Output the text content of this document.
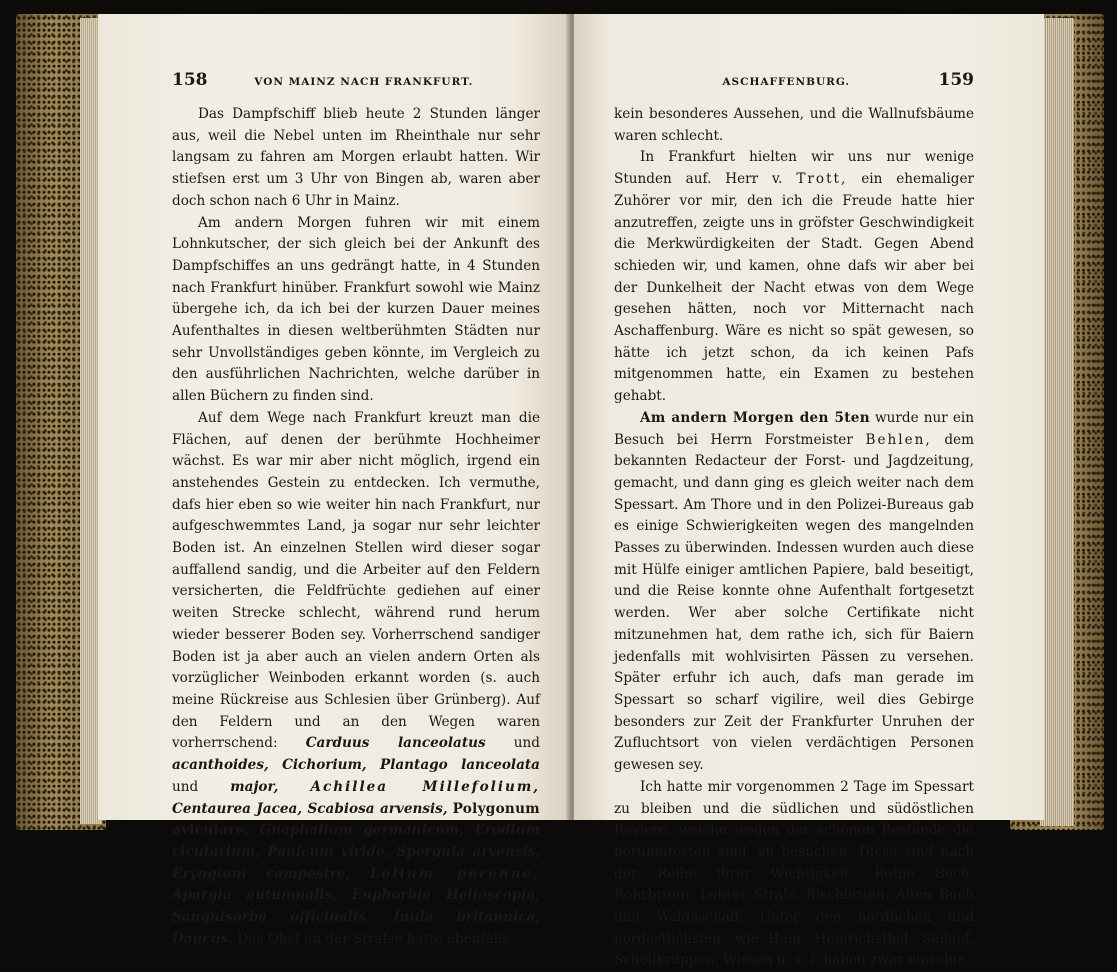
158	VON MAINZ NACH FRANKFURT.

Das Dampfschiff blieb heute 2 Stunden länger aus, weil die Nebel unten im Rheinthale nur sehr langsam zu fahren am Morgen erlaubt hatten. Wir stiefsen erst um 3 Uhr von Bingen ab, waren aber doch schon nach 6 Uhr in Mainz.

Am andern Morgen fuhren wir mit einem Lohnkutscher, der sich gleich bei der Ankunft des Dampfschiffes an uns gedrängt hatte, in 4 Stunden nach Frankfurt hinüber. Frankfurt sowohl wie Mainz übergehe ich, da ich bei der kurzen Dauer meines Aufenthaltes in diesen weltberühmten Städten nur sehr Unvollständiges geben könnte, im Vergleich zu den ausführlichen Nachrichten, welche darüber in allen Büchern zu finden sind.

Auf dem Wege nach Frankfurt kreuzt man die Flächen, auf denen der berühmte Hochheimer wächst. Es war mir aber nicht möglich, irgend ein anstehendes Gestein zu entdecken. Ich vermuthe, dafs hier eben so wie weiter hin nach Frankfurt, nur aufgeschwemmtes Land, ja sogar nur sehr leichter Boden ist. An einzelnen Stellen wird dieser sogar auffallend sandig, und die Arbeiter auf den Feldern versicherten, die Feldfrüchte gediehen auf einer weiten Strecke schlecht, während rund herum wieder besserer Boden sey. Vorherrschend sandiger Boden ist ja aber auch an vielen andern Orten als vorzüglicher Weinboden erkannt worden (s. auch meine Rückreise aus Schlesien über Grünberg). Auf den Feldern und an den Wegen waren vorherrschend: Carduus lanceolatus und acanthoides, Cichorium, Plantago lanceolata und major, Achillea Millefolium, Centaurea Jacea, Scabiosa arvensis, Polygonum aviculare, Gnaphalium germanicum, Erodium cicutarium, Panicum viride, Spergula arvensis, Eryngium campestre, Lolium perenne, Apargia autumnalis, Euphorbia Helioscopia, Sanguisorba officinalis, Inula britannica, Daucus. Das Obst an der Strafse hatte ebenfalls

ASCHAFFENBURG.	159

kein besonderes Aussehen, und die Wallnufsbäume waren schlecht.

In Frankfurt hielten wir uns nur wenige Stunden auf. Herr v. Trott, ein ehemaliger Zuhörer vor mir, den ich die Freude hatte hier anzutreffen, zeigte uns in gröfster Geschwindigkeit die Merkwürdigkeiten der Stadt. Gegen Abend schieden wir, und kamen, ohne dafs wir aber bei der Dunkelheit der Nacht etwas von dem Wege gesehen hätten, noch vor Mitternacht nach Aschaffenburg. Wäre es nicht so spät gewesen, so hätte ich jetzt schon, da ich keinen Pafs mitgenommen hatte, ein Examen zu bestehen gehabt.

Am andern Morgen den 5ten wurde nur ein Besuch bei Herrn Forstmeister Behlen, dem bekannten Redacteur der Forst- und Jagdzeitung, gemacht, und dann ging es gleich weiter nach dem Spessart. Am Thore und in den Polizei-Bureaus gab es einige Schwierigkeiten wegen des mangelnden Passes zu überwinden. Indessen wurden auch diese mit Hülfe einiger amtlichen Papiere, bald beseitigt, und die Reise konnte ohne Aufenthalt fortgesetzt werden. Wer aber solche Certifikate nicht mitzunehmen hat, dem rathe ich, sich für Baiern jedenfalls mit wohlvisirten Pässen zu versehen. Später erfuhr ich auch, dafs man gerade im Spessart so scharf vigilire, weil dies Gebirge besonders zur Zeit der Frankfurter Unruhen der Zufluchtsort von vielen verdächtigen Personen gewesen sey.

Ich hatte mir vorgenommen 2 Tage im Spessart zu bleiben und die südlichen und südöstlichen Reviere, welche wegen der schönen Bestände die berühmtesten sind, zu besuchen. Diese sind nach der Reihe ihrer Wichtigkeit: Rothe Buch, Rohrbrunn, Lohrer Strafs, Bischbrunn, Alten Buch und Waldaschaff. Unter den nördlichen und nordöstlichsten, wie Hain, Heinrichsthal, Sailauf, Schöllkrüppen, Wiesen u. s. f. haben zwar einzelne
